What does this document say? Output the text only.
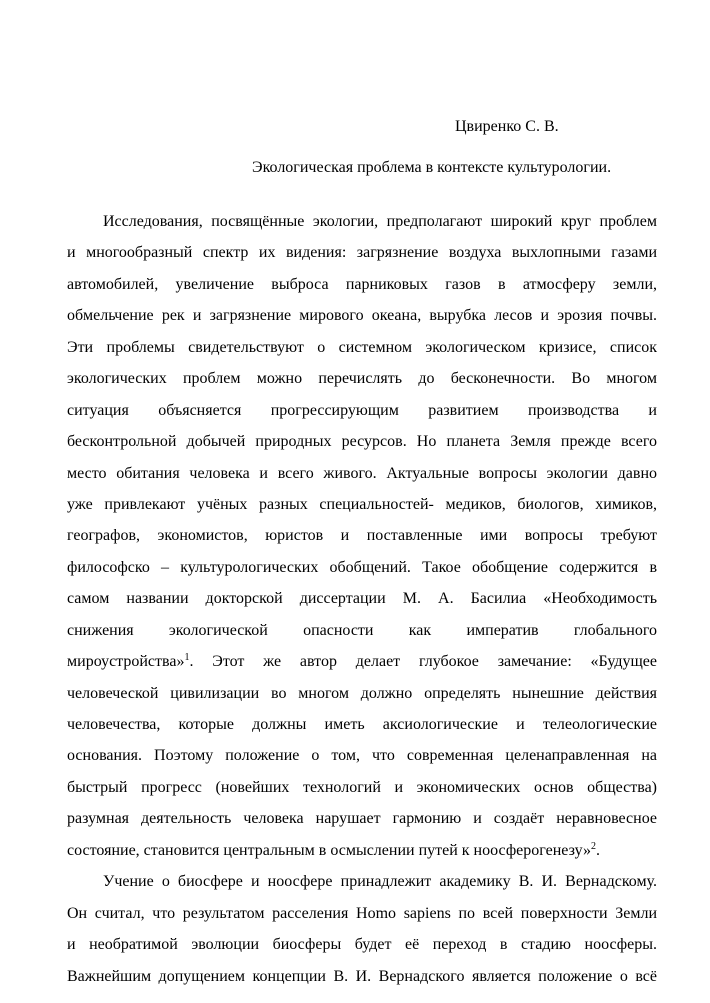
Цвиренко С. В.
Экологическая проблема в контексте культурологии.
Исследования, посвящённые экологии, предполагают широкий круг проблем
и многообразный спектр их видения: загрязнение воздуха выхлопными газами
автомобилей, увеличение выброса парниковых газов в атмосферу земли,
обмельчение рек и загрязнение мирового океана, вырубка лесов и эрозия почвы.
Эти проблемы свидетельствуют о системном экологическом кризисе, список
экологических проблем можно перечислять до бесконечности. Во многом
ситуация объясняется прогрессирующим развитием производства и
бесконтрольной добычей природных ресурсов. Но планета Земля прежде всего
место обитания человека и всего живого. Актуальные вопросы экологии давно
уже привлекают учёных разных специальностей- медиков, биологов, химиков,
географов, экономистов, юристов и поставленные ими вопросы требуют
философско – культурологических обобщений. Такое обобщение содержится в
самом названии докторской диссертации М. А. Басилиа «Необходимость
снижения экологической опасности как императив глобального
мироустройства»$^1$. Этот же автор делает глубокое замечание: «Будущее
человеческой цивилизации во многом должно определять нынешние действия
человечества, которые должны иметь аксиологические и телеологические
основания. Поэтому положение о том, что современная целенаправленная на
быстрый прогресс (новейших технологий и экономических основ общества)
разумная деятельность человека нарушает гармонию и создаёт неравновесное
состояние, становится центральным в осмыслении путей к ноосферогенезу»$^2$.
Учение о биосфере и ноосфере принадлежит академику В. И. Вернадскому.
Он считал, что результатом расселения Homo sapiens по всей поверхности Земли
и необратимой эволюции биосферы будет её переход в стадию ноосферы.
Важнейшим допущением концепции В. И. Вернадского является положение о всё
